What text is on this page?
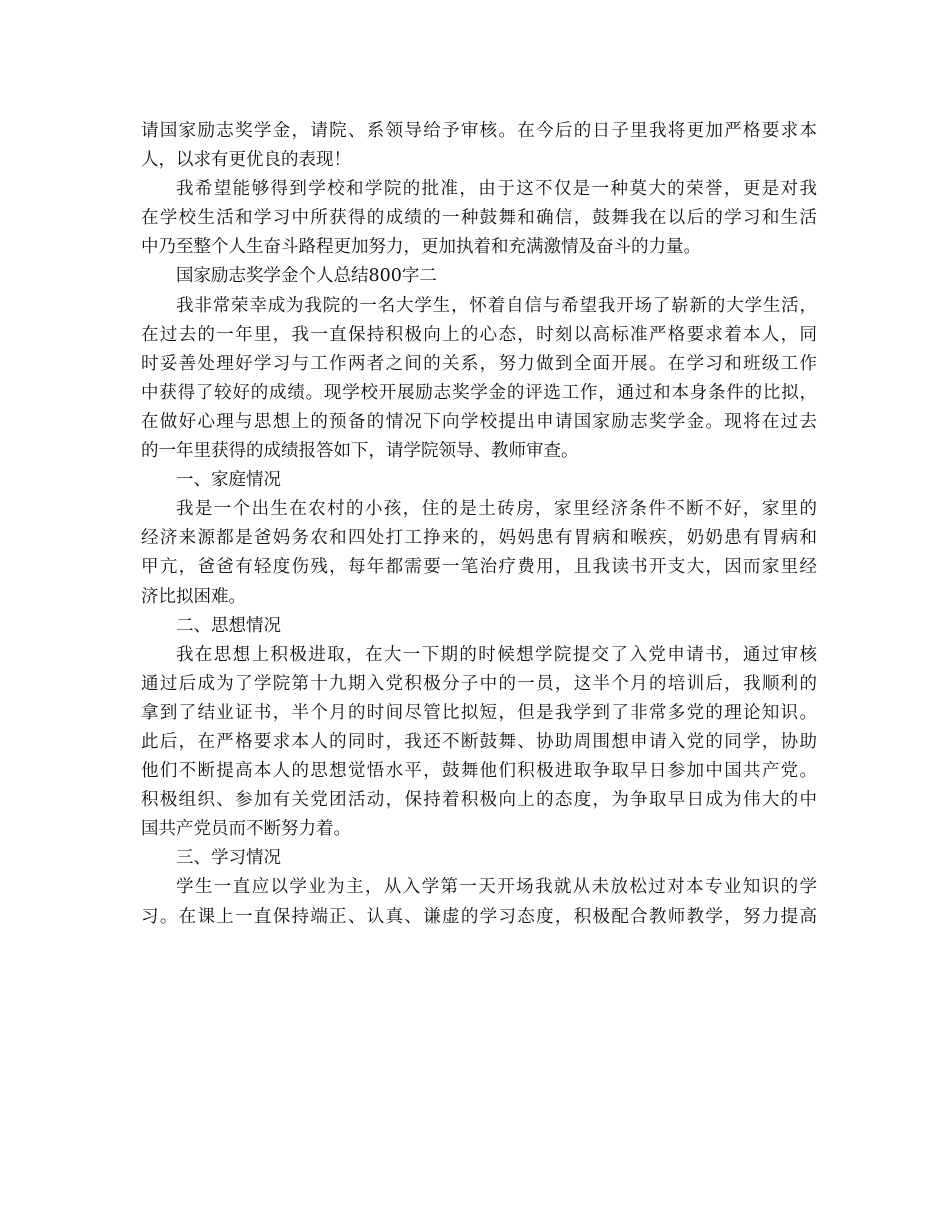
请国家励志奖学金，请院、系领导给予审核。在今后的日子里我将更加严格要求本
人，以求有更优良的表现！
我希望能够得到学校和学院的批准，由于这不仅是一种莫大的荣誉，更是对我
在学校生活和学习中所获得的成绩的一种鼓舞和确信，鼓舞我在以后的学习和生活
中乃至整个人生奋斗路程更加努力，更加执着和充满激情及奋斗的力量。
国家励志奖学金个人总结800字二
我非常荣幸成为我院的一名大学生，怀着自信与希望我开场了崭新的大学生活，
在过去的一年里，我一直保持积极向上的心态，时刻以高标准严格要求着本人，同
时妥善处理好学习与工作两者之间的关系，努力做到全面开展。在学习和班级工作
中获得了较好的成绩。现学校开展励志奖学金的评选工作，通过和本身条件的比拟，
在做好心理与思想上的预备的情况下向学校提出申请国家励志奖学金。现将在过去
的一年里获得的成绩报答如下，请学院领导、教师审查。
一、家庭情况
我是一个出生在农村的小孩，住的是土砖房，家里经济条件不断不好，家里的
经济来源都是爸妈务农和四处打工挣来的，妈妈患有胃病和喉疾，奶奶患有胃病和
甲亢，爸爸有轻度伤残，每年都需要一笔治疗费用，且我读书开支大，因而家里经
济比拟困难。
二、思想情况
我在思想上积极进取，在大一下期的时候想学院提交了入党申请书，通过审核
通过后成为了学院第十九期入党积极分子中的一员，这半个月的培训后，我顺利的
拿到了结业证书，半个月的时间尽管比拟短，但是我学到了非常多党的理论知识。
此后，在严格要求本人的同时，我还不断鼓舞、协助周围想申请入党的同学，协助
他们不断提高本人的思想觉悟水平，鼓舞他们积极进取争取早日参加中国共产党。
积极组织、参加有关党团活动，保持着积极向上的态度，为争取早日成为伟大的中
国共产党员而不断努力着。
三、学习情况
学生一直应以学业为主，从入学第一天开场我就从未放松过对本专业知识的学
习。在课上一直保持端正、认真、谦虚的学习态度，积极配合教师教学，努力提高
